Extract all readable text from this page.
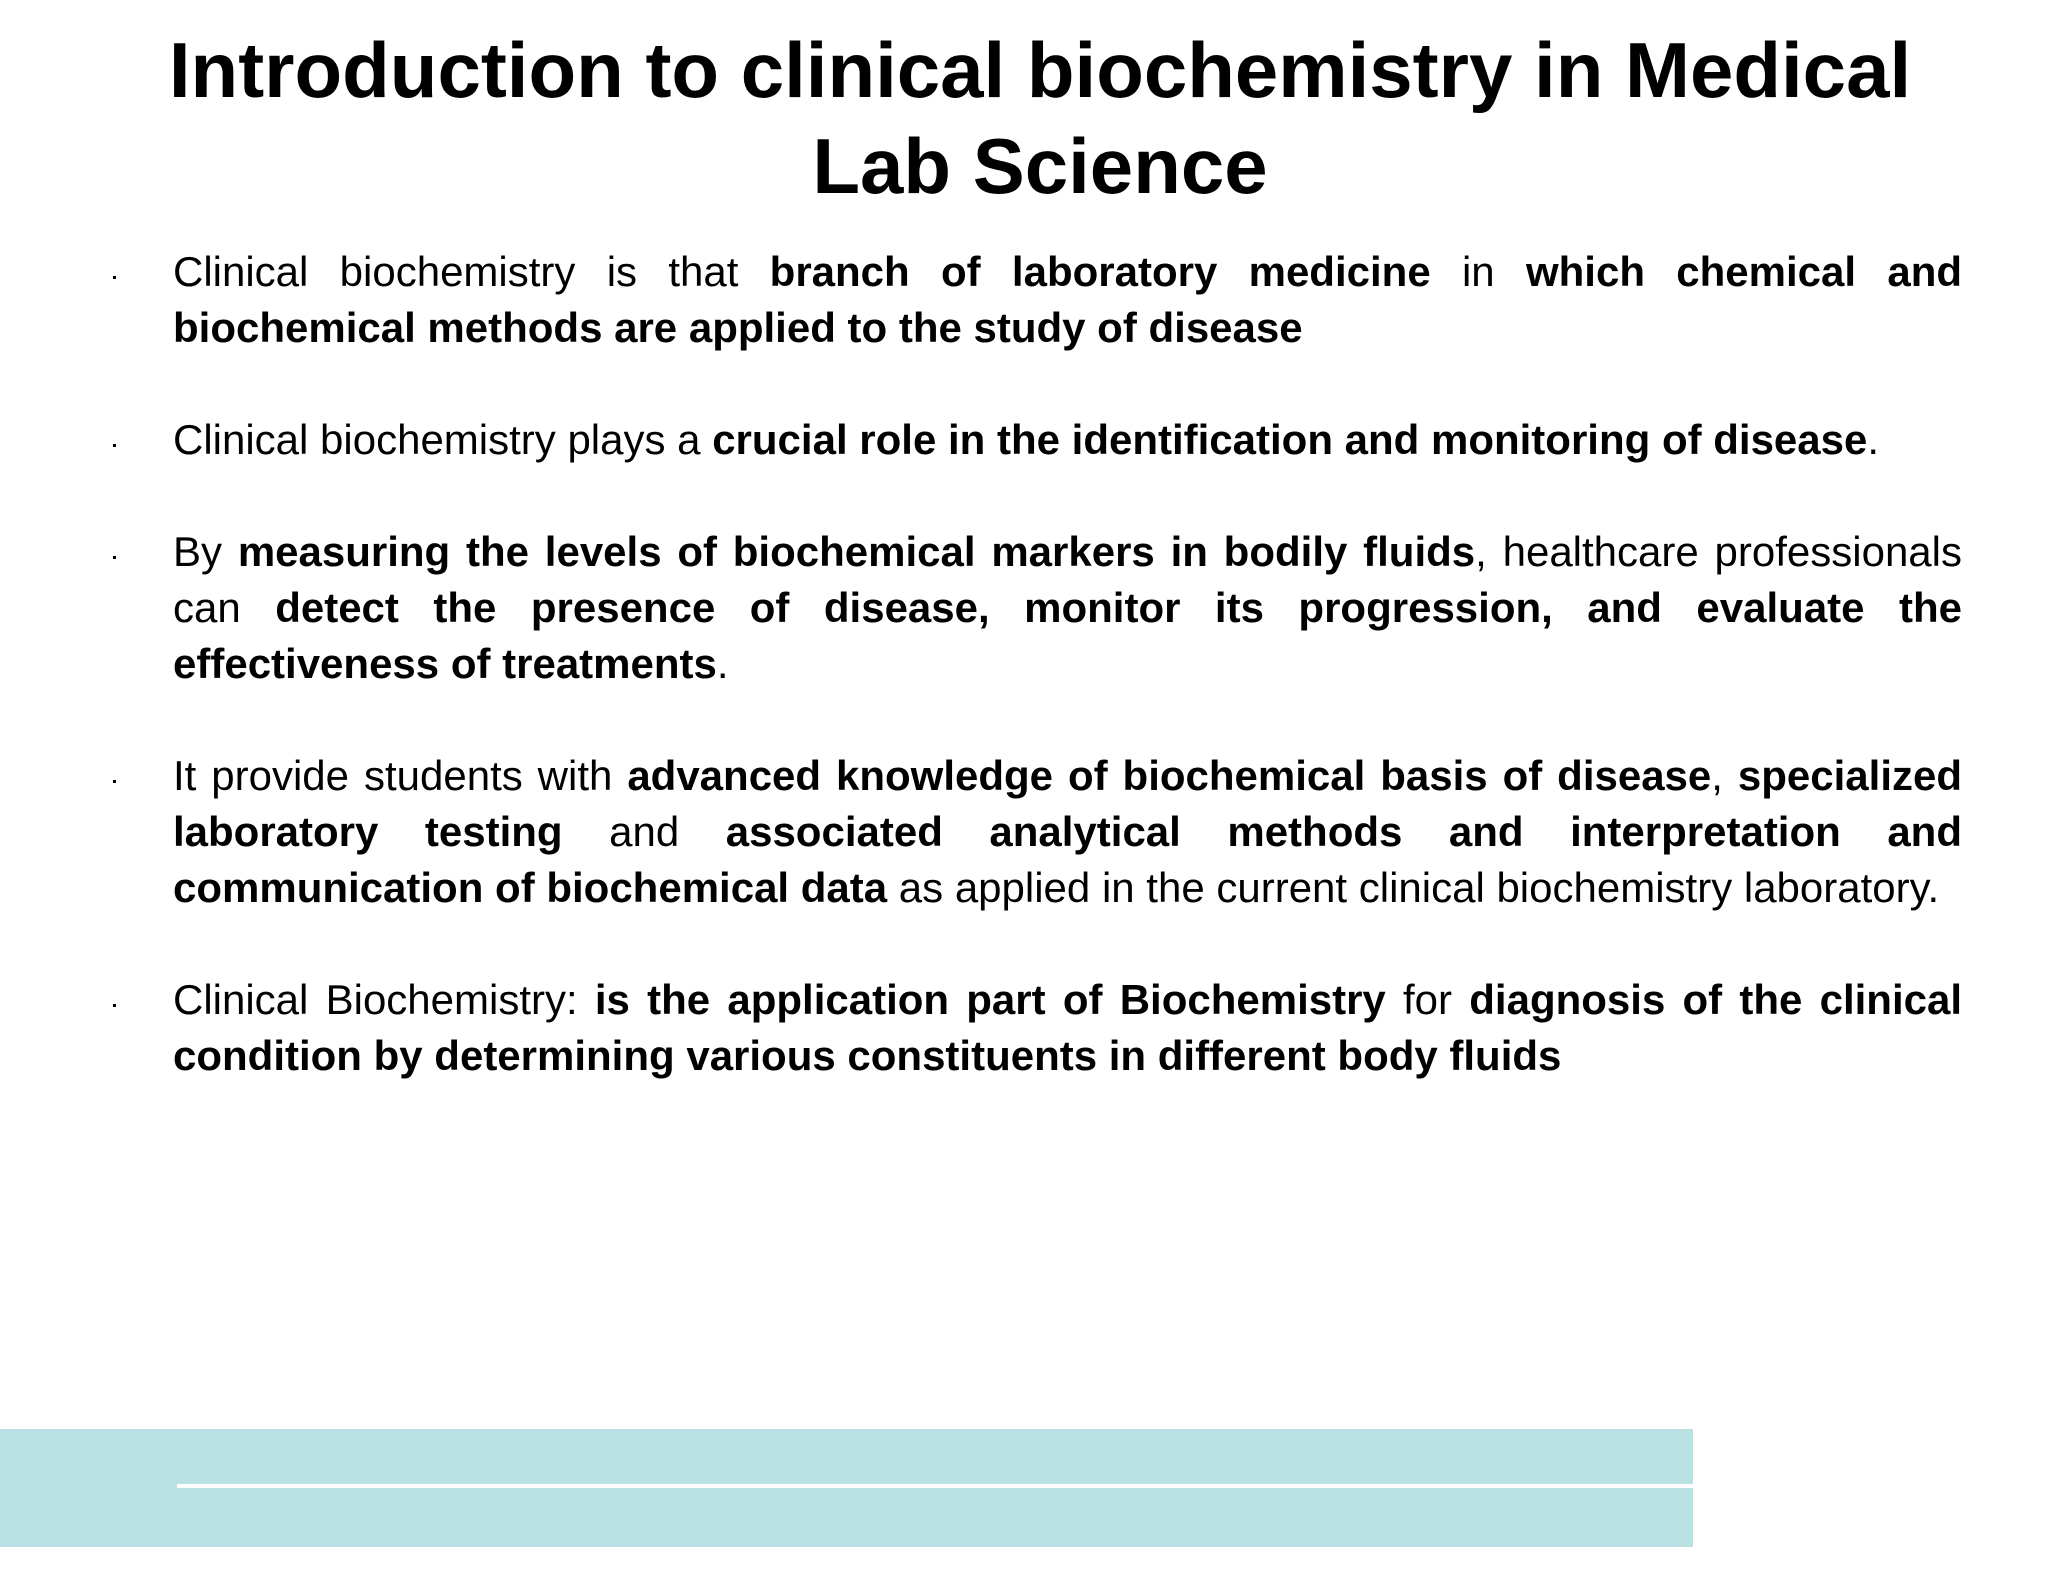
Introduction to clinical biochemistry in Medical Lab Science

Clinical biochemistry is that branch of laboratory medicine in which chemical and biochemical methods are applied to the study of disease

Clinical biochemistry plays a crucial role in the identification and monitoring of disease.

By measuring the levels of biochemical markers in bodily fluids, healthcare professionals can detect the presence of disease, monitor its progression, and evaluate the effectiveness of treatments.

It provide students with advanced knowledge of biochemical basis of disease, specialized laboratory testing and associated analytical methods and interpretation and communication of biochemical data as applied in the current clinical biochemistry laboratory.

Clinical Biochemistry: is the application part of Biochemistry for diagnosis of the clinical condition by determining various constituents in different body fluids
